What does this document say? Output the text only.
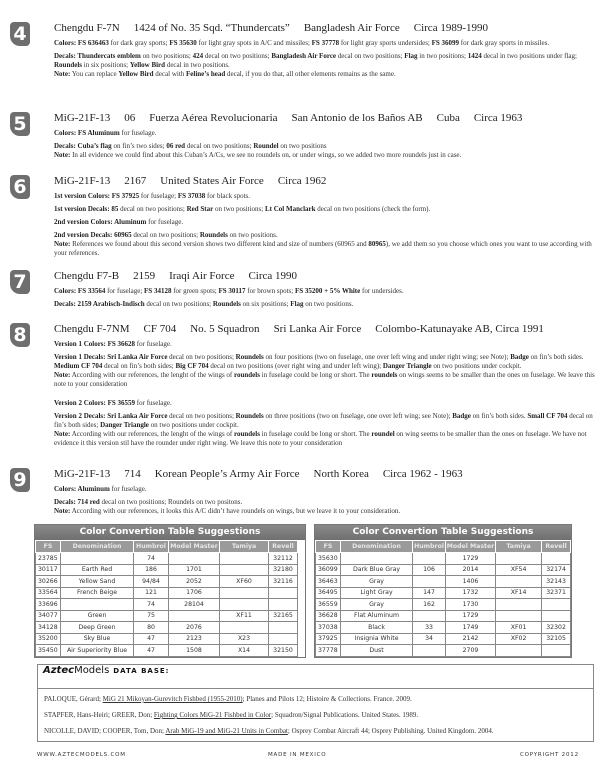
4	Chengdu F-7N 1424 of No. 35 Sqd. “Thundercats” Bangladesh Air Force Circa 1989-1990

Colors: FS 636463 for dark gray sports; FS 35630 for light gray spots in A/C and missiles; FS 37778 for light gray sports undersides; FS 36099 for dark gray sports in missiles.

Decals: Thundercats emblem on two positions; 424 decal on two positions; Bangladesh Air Force decal on two positions; Flag in two positions; 1424 decal in two positions under flag; Roundels in six positions; Yellow Bird decal in two positions.
Note: You can replace Yellow Bird decal with Feline’s head decal, if you do that, all other elements remains as the same.

5	MiG-21F-13 06 Fuerza Aérea Revolucionaria San Antonio de los Baños AB Cuba Circa 1963

Colors: FS Aluminum for fuselage.

Decals: Cuba’s flag on fin’s two sides; 06 red decal on two positions; Roundel on two positions
Note: In all evidence we could find about this Cuban’s A/Cs, we see no roundels on, or under wings, so we added two more roundels just in case.

6	MiG-21F-13 2167 United States Air Force Circa 1962

1st version Colors: FS 37925 for fuselage; FS 37038 for black spots.

1st version Decals: 85 decal on two positions; Red Star on two positions; Lt Col Manclark decal on two positions (check the form).

2nd version Colors: Aluminum for fuselage.

2nd version Decals: 60965 decal on two positions; Roundels on two positions.
Note: References we found about this second version shows two different kind and size of numbers (60965 and 80965), we add them so you choose which ones you want to use according with your references.

7	Chengdu F7-B 2159 Iraqi Air Force Circa 1990

Colors: FS 33564 for fuselage; FS 34128 for green spots; FS 30117 for brown spots; FS 35200 + 5% White for undersides.

Decals: 2159 Arabisch-Indisch decal on two positions; Roundels on six positions; Flag on two positions.

8	Chengdu F-7NM CF 704 No. 5 Squadron Sri Lanka Air Force Colombo-Katunayake AB, Circa 1991

Version 1 Colors: FS 36628 for fuselage.

Version 1 Decals: Sri Lanka Air Force decal on two positions; Roundels on four positions (two on fuselage, one over left wing and under right wing; see Note); Badge on fin’s both sides. Medium CF 704 decal on fin’s both sides; Big CF 704 decal on two positions (over right wing and under left wing); Danger Triangle on two positions under cockpit.
Note: According with our references, the lenght of the wings of roundels in fuselage could be long or short. The roundels on wings seems to be smaller than the ones on fuselage. We leave this note to your consideration

Version 2 Colors: FS 36559 for fuselage.

Version 2 Decals: Sri Lanka Air Force decal on two positions; Roundels on three positions (two on fuselage, one over left wing; see Note); Badge on fin’s both sides. Small CF 704 decal on fin’s both sides; Danger Triangle on two positions under cockpit.
Note: According with our references, the lenght of the wings of roundels in fuselage could be long or short. The roundel on wing seems to be smaller than the ones on fuselage. We have not evidence it this version stil have the rounder under right wing. We leave this note to your consideration

9	MiG-21F-13 714 Korean People’s Army Air Force North Korea Circa 1962 - 1963

Colors: Aluminum for fuselage.

Decals: 714 red decal on two positions; Roundels on two positons.
Note: According with our references, it looks this A/C didn’t have roundels on wings, but we leave it to your consideration.

Color Convertion Table Suggestions
FS	Denomination	Humbrol	Model Master	Tamiya	Revell
23785		74			32112
30117	Earth Red	186	1701		32180
30266	Yellow Sand	94/84	2052	XF60	32116
33564	French Beige	121	1706		
33696		74	28104		
34077	Green	75		XF11	32165
34128	Deep Green	80	2076		
35200	Sky Blue	47	2123	X23	
35450	Air Superiority Blue	47	1508	X14	32150
Color Convertion Table Suggestions
FS	Denomination	Humbrol	Model Master	Tamiya	Revell
35630			1729		
36099	Dark Blue Gray	106	2014	XF54	32174
36463	Gray		1406		32143
36495	Light Gray	147	1732	XF14	32371
36559	Gray	162	1730		
36628	Flat Aluminum		1729		
37038	Black	33	1749	XF01	32302
37925	Insignia White	34	2142	XF02	32105
37778	Dust		2709		
AztecModels DATA BASE:
PALOQUE, Gérard; MiG 21 Mikoyan-Gurevitch Fishbed (1955-2010); Planes and Pilots 12; Histoire & Collections. France. 2009.
STAPFER, Hans-Heiri; GREER, Don; Fighting Colors MiG-21 Fishbed in Color; Squadron/Signal Publications. United States. 1989.
NICOLLE, DAVID; COOPER, Tom, Don; Arab MiG-19 and MiG-21 Units in Combat; Osprey Combat Aircraft 44; Osprey Publishing. United Kingdom. 2004.
WWW.AZTECMODELS.COM	MADE IN MEXICO	COPYRIGHT 2012
